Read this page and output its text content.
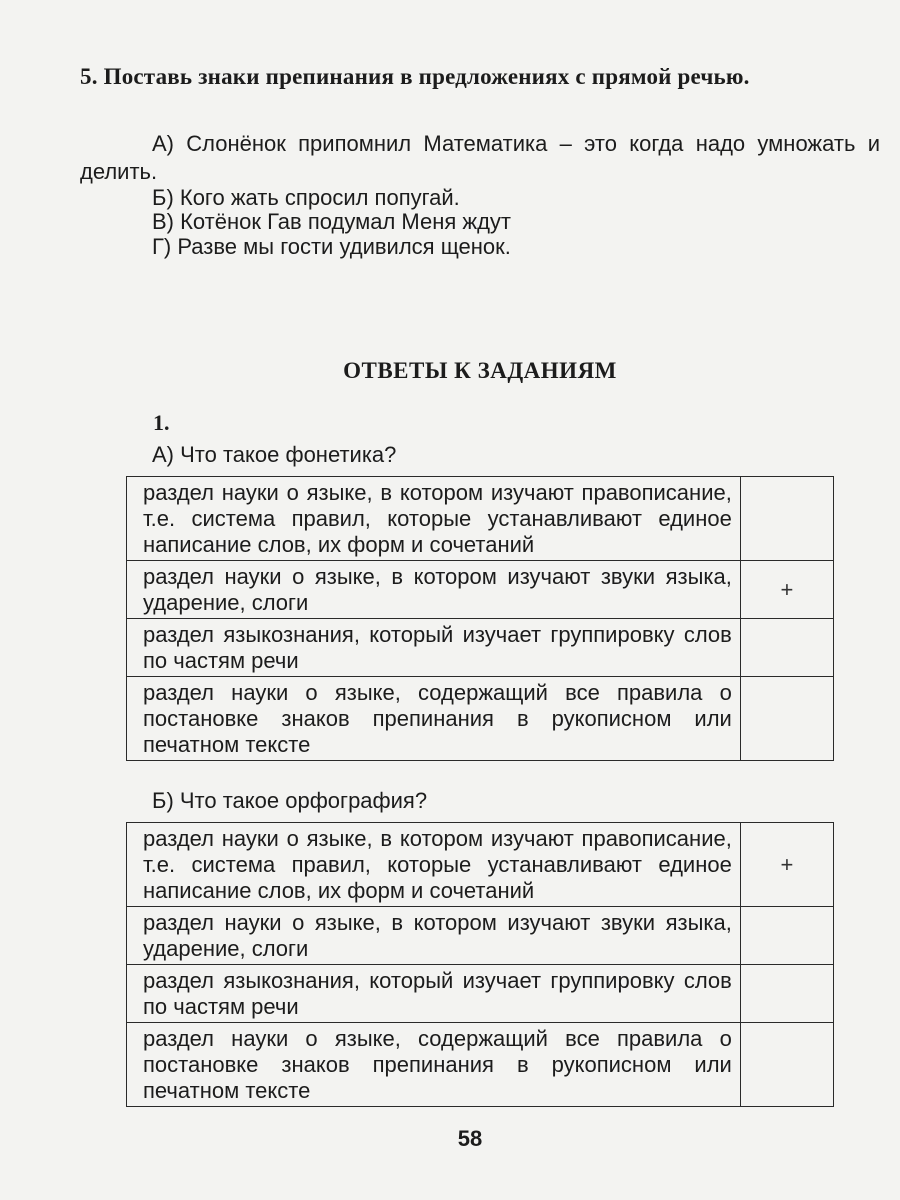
5. Поставь знаки препинания в предложениях с прямой речью.
А) Слонёнок припомнил Математика – это когда надо умножать и делить.
Б) Кого жать спросил попугай.
В) Котёнок Гав подумал Меня ждут
Г) Разве мы гости удивился щенок.
ОТВЕТЫ К ЗАДАНИЯМ
1.
А) Что такое фонетика?
раздел науки о языке, в котором изучают правописание, т.е. система правил, которые устанавливают единое написание слов, их форм и сочетаний	
раздел науки о языке, в котором изучают звуки языка, ударение, слоги	+
раздел языкознания, который изучает группировку слов по частям речи	
раздел науки о языке, содержащий все правила о постановке знаков препинания в рукописном или печатном тексте	
Б) Что такое орфография?
раздел науки о языке, в котором изучают правописание, т.е. система правил, которые устанавливают единое написание слов, их форм и сочетаний	+
раздел науки о языке, в котором изучают звуки языка, ударение, слоги	
раздел языкознания, который изучает группировку слов по частям речи	
раздел науки о языке, содержащий все правила о постановке знаков препинания в рукописном или печатном тексте	
58
